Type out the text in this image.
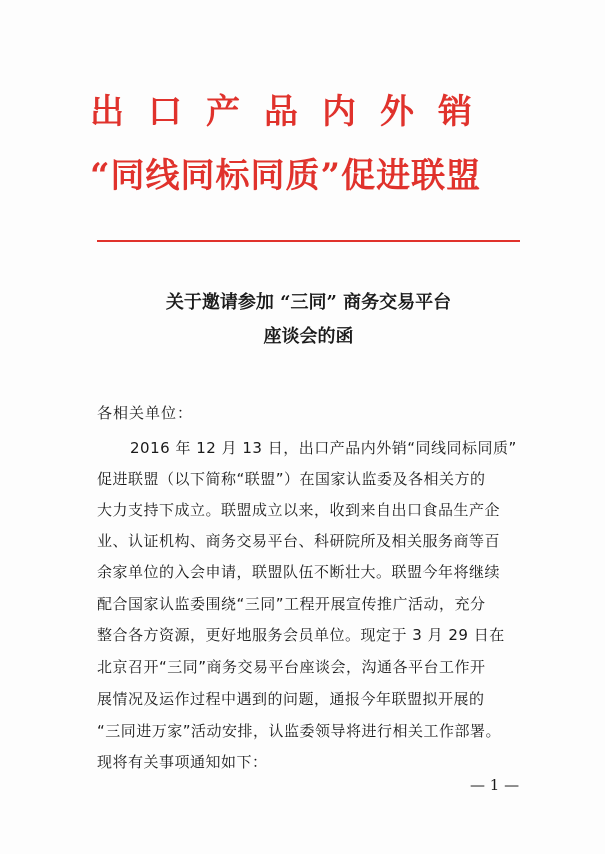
出口产品内外销
“同线同标同质”促进联盟
关于邀请参加 “三同” 商务交易平台
座谈会的函
各相关单位：
2016 年 12 月 13 日，出口产品内外销“同线同标同质”
促进联盟（以下简称“联盟”）在国家认监委及各相关方的
大力支持下成立。联盟成立以来，收到来自出口食品生产企
业、认证机构、商务交易平台、科研院所及相关服务商等百
余家单位的入会申请，联盟队伍不断壮大。联盟今年将继续
配合国家认监委围绕“三同”工程开展宣传推广活动，充分
整合各方资源，更好地服务会员单位。现定于 3 月 29 日在
北京召开“三同”商务交易平台座谈会，沟通各平台工作开
展情况及运作过程中遇到的问题，通报今年联盟拟开展的
“三同进万家”活动安排，认监委领导将进行相关工作部署。
现将有关事项通知如下：
— 1 —
